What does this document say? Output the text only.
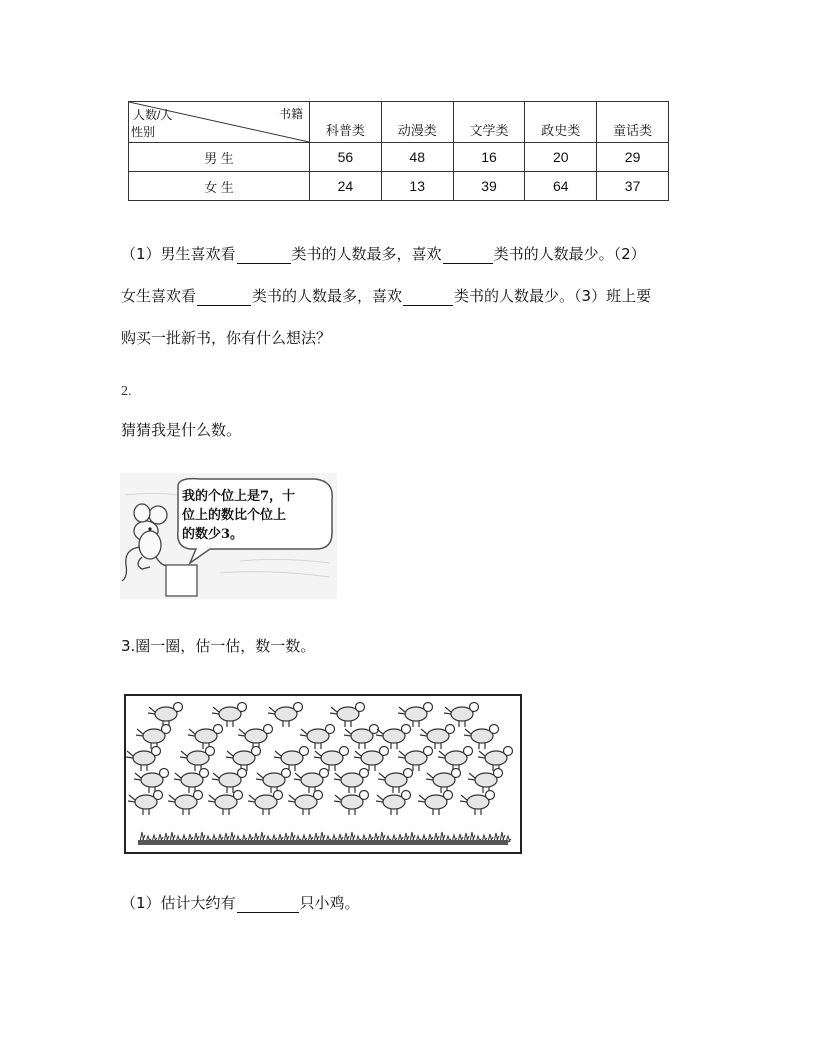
人数/人 书籍
性别	科普类	动漫类	文学类	政史类	童话类
男 生	56	48	16	20	29
女 生	24	13	39	64	37
（1）男生喜欢看	类书的人数最多，喜欢	类书的人数最少。（2）
女生喜欢看	类书的人数最多，喜欢	类书的人数最少。（3）班上要
购买一批新书，你有什么想法？
2.
猜猜我是什么数。
我的个位上是7，十
位上的数比个位上
的数少3。
3.圈一圈，估一估，数一数。
（1）估计大约有	只小鸡。
